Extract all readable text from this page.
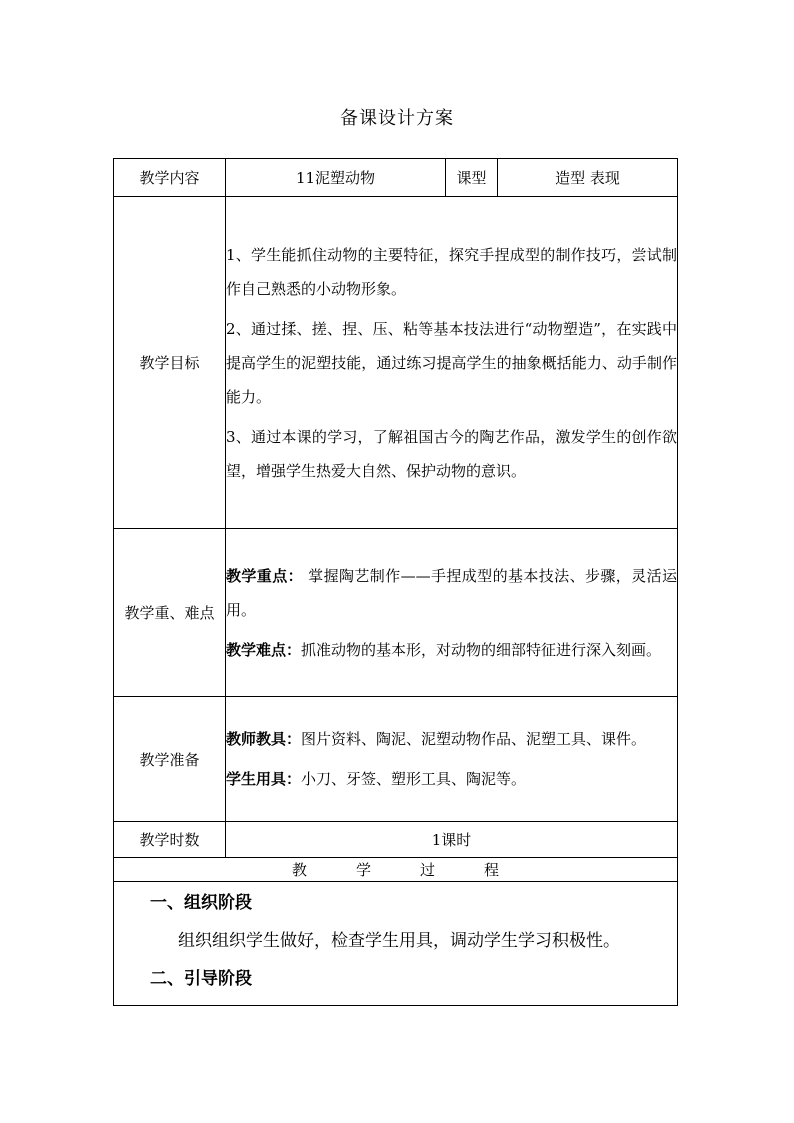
备课设计方案
教学内容	11泥塑动物	课型	造型 表现
教学目标	1、学生能抓住动物的主要特征，探究手捏成型的制作技巧，尝试制作自己熟悉的小动物形象。

2、通过揉、搓、捏、压、粘等基本技法进行“动物塑造”，在实践中提高学生的泥塑技能，通过练习提高学生的抽象概括能力、动手制作能力。

3、通过本课的学习，了解祖国古今的陶艺作品，激发学生的创作欲望，增强学生热爱大自然、保护动物的意识。		

教学重、难点	教学重点： 掌握陶艺制作——手捏成型的基本技法、步骤，灵活运用。

教学难点：抓准动物的基本形，对动物的细部特征进行深入刻画。		

教学准备	教师教具：图片资料、陶泥、泥塑动物作品、泥塑工具、课件。

学生用具：小刀、牙签、塑形工具、陶泥等。		

教学时数	1课时		
教 学 过 程			

一、组织阶段
组织组织学生做好，检查学生用具，调动学生学习积极性。
二、引导阶段			
